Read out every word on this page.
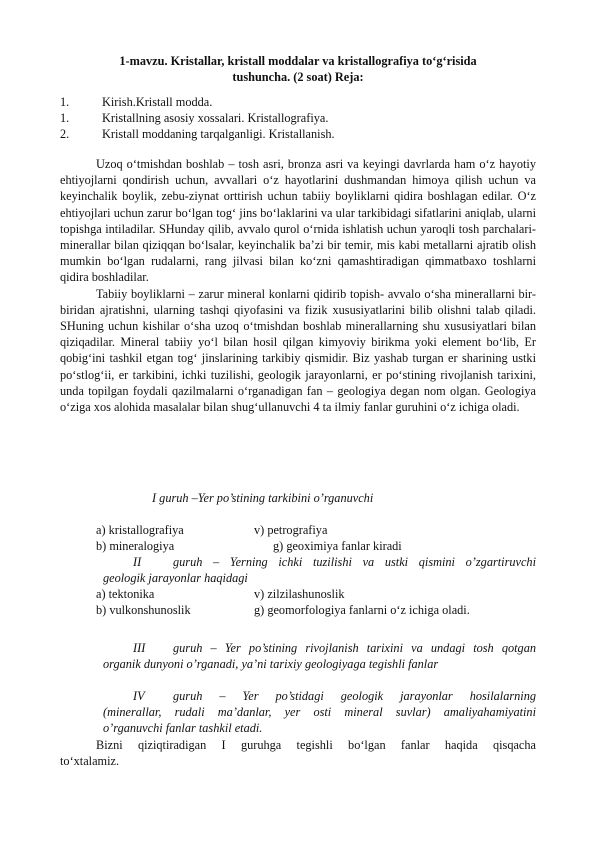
1-mavzu. Kristallar, kristall moddalar va kristallografiya to‘g‘risida
tushuncha. (2 soat) Reja:
1.	Kirish.Kristall modda.
1.	Kristallning asosiy xossalari. Kristallografiya.
2.	Kristall moddaning tarqalganligi. Kristallanish.

Uzoq o‘tmishdan boshlab – tosh asri, bronza asri va keyingi davrlarda ham o‘z hayotiy ehtiyojlarni qondirish uchun, avvallari o‘z hayotlarini dushmandan himoya qilish uchun va keyinchalik boylik, zebu-ziynat orttirish uchun tabiiy boyliklarni qidira boshlagan edilar. O‘z ehtiyojlari uchun zarur bo‘lgan tog‘ jins bo‘laklarini va ular tarkibidagi sifatlarini aniqlab, ularni topishga intiladilar. SHunday qilib, avvalo qurol o‘rnida ishlatish uchun yaroqli tosh parchalari-minerallar bilan qiziqqan bo‘lsalar, keyinchalik ba’zi bir temir, mis kabi metallarni ajratib olish mumkin bo‘lgan rudalarni, rang jilvasi bilan ko‘zni qamashtiradigan qimmatbaxo toshlarni qidira boshladilar.

Tabiiy boyliklarni – zarur mineral konlarni qidirib topish- avvalo o‘sha minerallarni bir-biridan ajratishni, ularning tashqi qiyofasini va fizik xususiyatlarini bilib olishni talab qiladi. SHuning uchun kishilar o‘sha uzoq o‘tmishdan boshlab minerallarning shu xususiyatlari bilan qiziqadilar. Mineral tabiiy yo‘l bilan hosil qilgan kimyoviy birikma yoki element bo‘lib, Er qobig‘ini tashkil etgan tog‘ jinslarining tarkibiy qismidir. Biz yashab turgan er sharining ustki po‘stlog‘ii, er tarkibini, ichki tuzilishi, geologik jarayonlarni, er po‘stining rivojlanish tarixini, unda topilgan foydali qazilmalarni o‘rganadigan fan – geologiya degan nom olgan. Geologiya o‘ziga xos alohida masalalar bilan shug‘ullanuvchi 4 ta ilmiy fanlar guruhini o‘z ichiga oladi.

I guruh –Yer po’stining tarkibini o’rganuvchi
a) kristallografiya	v) petrografiya
b) mineralogiya	g) geoximiya fanlar kiradi
II	guruh – Yerning ichki tuzilishi va ustki qismini o’zgartiruvchi
geologik jarayonlar haqidagi
a) tektonika	v) zilzilashunoslik
b) vulkonshunoslik	g) geomorfologiya fanlarni o‘z ichiga oladi.
III guruh – Yer po’stining rivojlanish tarixini va undagi tosh qotgan
organik dunyoni o’rganadi, ya’ni tarixiy geologiyaga tegishli fanlar
IV guruh – Yer po’stidagi geologik jarayonlar hosilalarning
(minerallar, rudali ma’danlar, yer osti mineral suvlar) amaliyahamiyatini
o’rganuvchi fanlar tashkil etadi.
Bizni qiziqtiradigan I guruhga tegishli bo‘lgan fanlar haqida qisqacha
to‘xtalamiz.
